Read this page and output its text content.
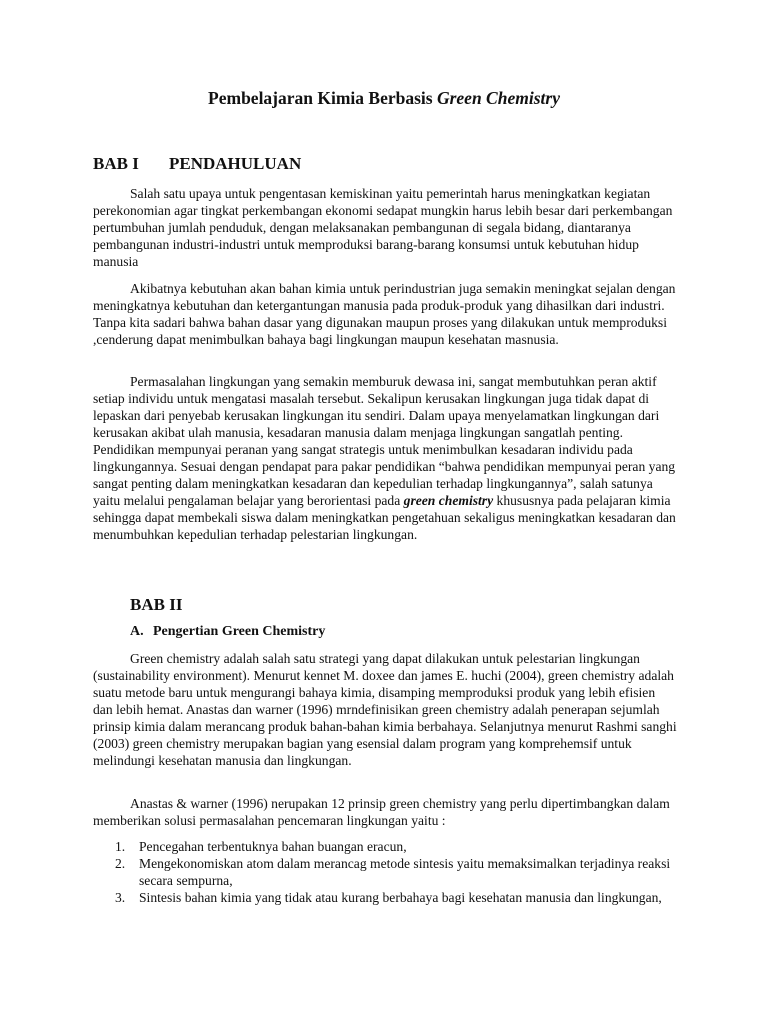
Pembelajaran Kimia Berbasis Green Chemistry
BAB I PENDAHULUAN

Salah satu upaya untuk pengentasan kemiskinan yaitu pemerintah harus meningkatkan kegiatan perekonomian agar tingkat perkembangan ekonomi sedapat mungkin harus lebih besar dari perkembangan pertumbuhan jumlah penduduk, dengan melaksanakan pembangunan di segala bidang, diantaranya pembangunan industri-industri untuk memproduksi barang-barang konsumsi untuk kebutuhan hidup manusia

Akibatnya kebutuhan akan bahan kimia untuk perindustrian juga semakin meningkat sejalan dengan meningkatnya kebutuhan dan ketergantungan manusia pada produk-produk yang dihasilkan dari industri. Tanpa kita sadari bahwa bahan dasar yang digunakan maupun proses yang dilakukan untuk memproduksi ,cenderung dapat menimbulkan bahaya bagi lingkungan maupun kesehatan masnusia.

Permasalahan lingkungan yang semakin memburuk dewasa ini, sangat membutuhkan peran aktif setiap individu untuk mengatasi masalah tersebut. Sekalipun kerusakan lingkungan juga tidak dapat di lepaskan dari penyebab kerusakan lingkungan itu sendiri. Dalam upaya menyelamatkan lingkungan dari kerusakan akibat ulah manusia, kesadaran manusia dalam menjaga lingkungan sangatlah penting. Pendidikan mempunyai peranan yang sangat strategis untuk menimbulkan kesadaran individu pada lingkungannya. Sesuai dengan pendapat para pakar pendidikan “bahwa pendidikan mempunyai peran yang sangat penting dalam meningkatkan kesadaran dan kepedulian terhadap lingkungannya”, salah satunya yaitu melalui pengalaman belajar yang berorientasi pada green chemistry khususnya pada pelajaran kimia sehingga dapat membekali siswa dalam meningkatkan pengetahuan sekaligus meningkatkan kesadaran dan menumbuhkan kepedulian terhadap pelestarian lingkungan.

BAB II
A. Pengertian Green Chemistry

Green chemistry adalah salah satu strategi yang dapat dilakukan untuk pelestarian lingkungan (sustainability environment). Menurut kennet M. doxee dan james E. huchi (2004), green chemistry adalah suatu metode baru untuk mengurangi bahaya kimia, disamping memproduksi produk yang lebih efisien dan lebih hemat. Anastas dan warner (1996) mrndefinisikan green chemistry adalah penerapan sejumlah prinsip kimia dalam merancang produk bahan-bahan kimia berbahaya. Selanjutnya menurut Rashmi sanghi (2003) green chemistry merupakan bagian yang esensial dalam program yang komprehemsif untuk melindungi kesehatan manusia dan lingkungan.

Anastas & warner (1996) nerupakan 12 prinsip green chemistry yang perlu dipertimbangkan dalam memberikan solusi permasalahan pencemaran lingkungan yaitu :

1.	Pencegahan terbentuknya bahan buangan eracun,
2.	Mengekonomiskan atom dalam merancag metode sintesis yaitu memaksimalkan terjadinya reaksi secara sempurna,
3.	Sintesis bahan kimia yang tidak atau kurang berbahaya bagi kesehatan manusia dan lingkungan,
